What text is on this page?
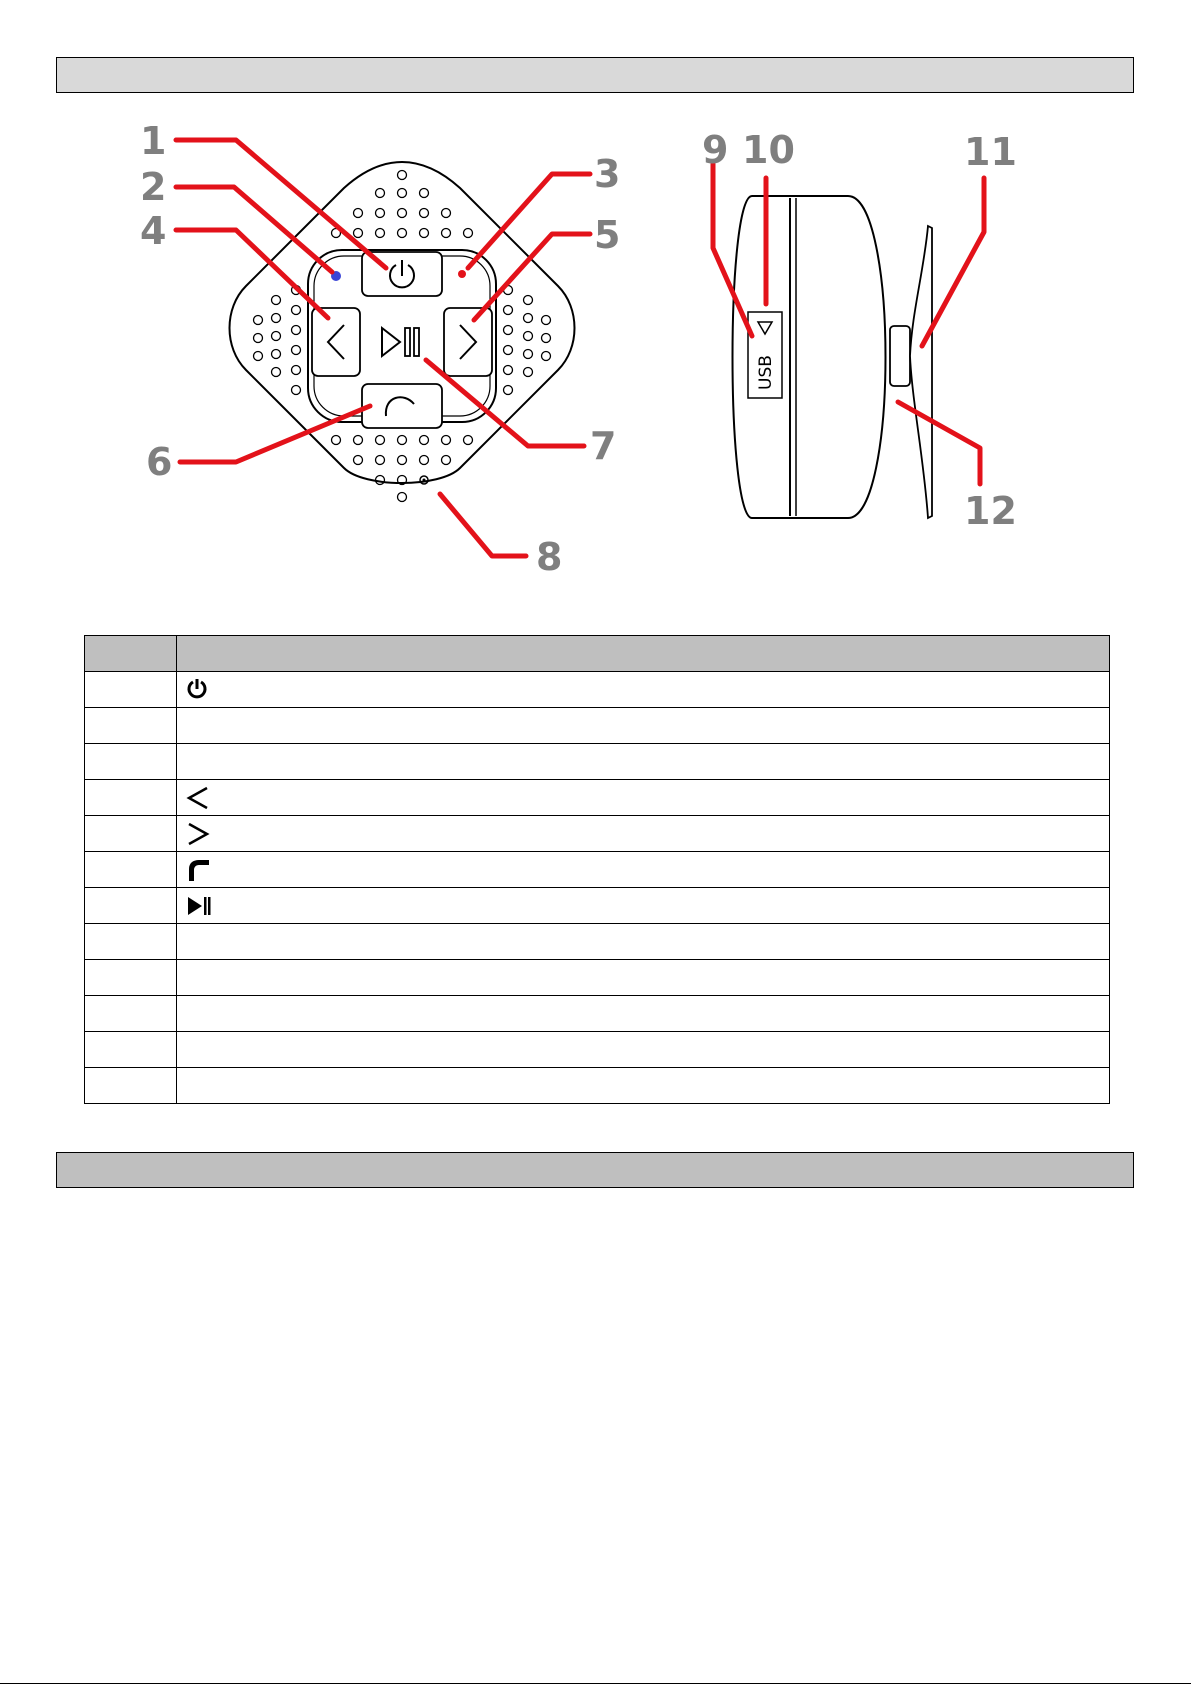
USB
1
2	3
4	5
6	7
8
9 10	11
12
